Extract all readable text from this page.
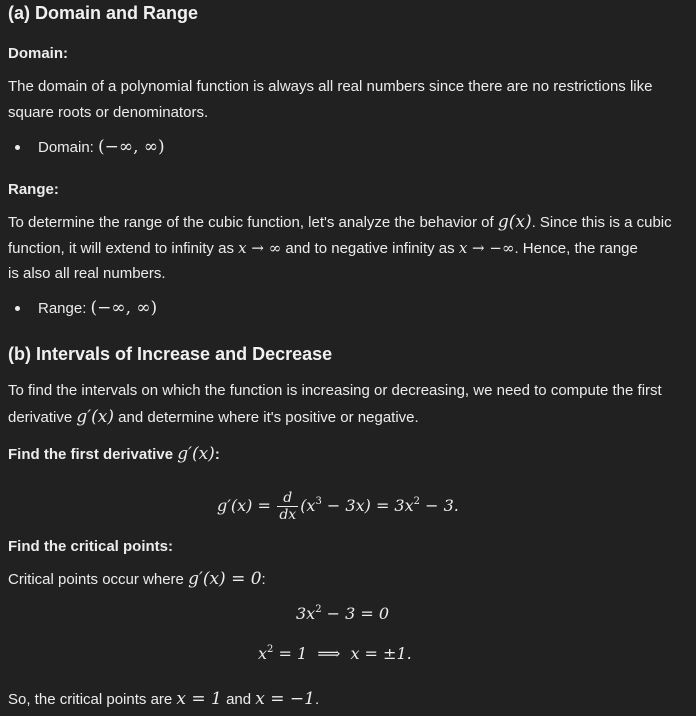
(a) Domain and Range
Domain:
The domain of a polynomial function is always all real numbers since there are no restrictions like
square roots or denominators.
Domain: (−∞, ∞)
Range:
To determine the range of the cubic function, let's analyze the behavior of g(x). Since this is a cubic
function, it will extend to infinity as x → ∞ and to negative infinity as x → −∞. Hence, the range
is also all real numbers.
Range: (−∞, ∞)
(b) Intervals of Increase and Decrease
To find the intervals on which the function is increasing or decreasing, we need to compute the first
derivative g′(x) and determine where it's positive or negative.
Find the first derivative g′(x):
$g'(x) = \frac{d}{dx} (x^3 - 3x) = 3x^2 - 3$.
Find the critical points:
Critical points occur where g′(x) = 0:
$3x^2 - 3 = 0$
$x^2 = 1$  ⟹  x = ±1.
So, the critical points are x = 1 and x = −1.
